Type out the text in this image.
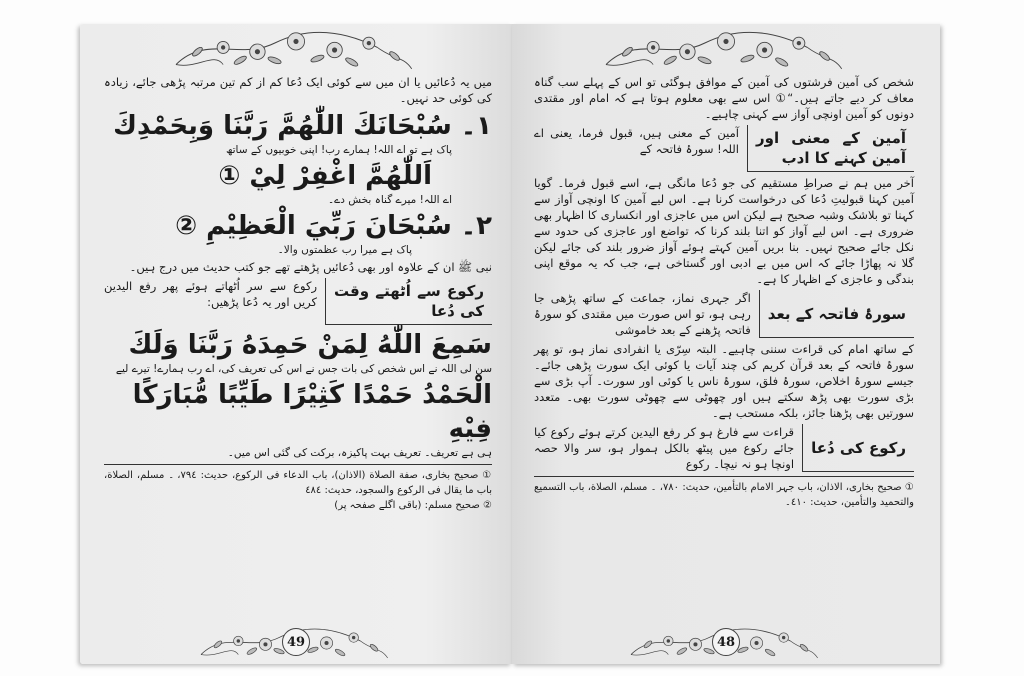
میں یہ دُعائیں یا ان میں سے کوئی ایک دُعا کم از کم تین مرتبہ پڑھی جائے، زیادہ کی کوئی حد نہیں۔

١۔ سُبْحَانَكَ اللّٰهُمَّ رَبَّنَا وَبِحَمْدِكَ
پاک ہے تو اے اللہ! ہمارے رب! اپنی خوبیوں کے ساتھ
اَللّٰهُمَّ اغْفِرْ لِيْ ①
اے اللہ! میرے گناہ بخش دے۔
٢۔ سُبْحَانَ رَبِّيَ الْعَظِيْمِ ②
پاک ہے میرا رب عظمتوں والا۔

نبی ﷺ ان کے علاوہ اور بھی دُعائیں پڑھتے تھے جو کتب حدیث میں درج ہیں۔

رکوع سے اُٹھتے وقت کی دُعا
رکوع سے سر اُٹھاتے ہوئے پھر رفع الیدین کریں اور یہ دُعا پڑھیں:
سَمِعَ اللّٰهُ لِمَنْ حَمِدَهُ رَبَّنَا وَلَكَ
سن لی اللہ نے اس شخص کی بات جس نے اس کی تعریف کی، اے رب ہمارے! تیرے لیے
الْحَمْدُ حَمْدًا كَثِيْرًا طَيِّبًا مُّبَارَكًا فِيْهِ
ہی ہے تعریف۔ تعریف بہت پاکیزہ، برکت کی گئی اس میں۔

① صحیح بخاری، صفة الصلاة (الاذان)، باب الدعاء فی الرکوع، حدیث: ٧٩٤، ۔ مسلم، الصلاة، باب ما یقال فی الرکوع والسجود، حدیث: ٤٨٤

② صحیح مسلم: (باقی اگلے صفحہ پر)

49

شخص کی آمین فرشتوں کی آمین کے موافق ہوگئی تو اس کے پہلے سب گناہ معاف کر دیے جاتے ہیں۔“① اس سے بھی معلوم ہوتا ہے کہ امام اور مقتدی دونوں کو آمین اونچی آواز سے کہنی چاہیے۔

آمین کے معنی اور آمین کہنے کا ادب
آمین کے معنی ہیں، قبول فرما، یعنی اے اللہ! سورۂ فاتحہ کے

آخر میں ہم نے صراطِ مستقیم کی جو دُعا مانگی ہے، اسے قبول فرما۔ گویا آمین کہنا قبولیتِ دُعا کی درخواست کرنا ہے۔ اس لیے آمین کا اونچی آواز سے کہنا تو بلاشک وشبہ صحیح ہے لیکن اس میں عاجزی اور انکساری کا اظہار بھی ضروری ہے۔ اس لیے آواز کو اتنا بلند کرنا کہ تواضع اور عاجزی کی حدود سے نکل جائے صحیح نہیں۔ بنا بریں آمین کہتے ہوئے آواز ضرور بلند کی جائے لیکن گلا نہ پھاڑا جائے کہ اس میں بے ادبی اور گستاخی ہے، جب کہ یہ موقع اپنی بندگی و عاجزی کے اظہار کا ہے۔

سورۂ فاتحہ کے بعد
اگر جہری نماز، جماعت کے ساتھ پڑھی جا رہی ہو، تو اس صورت میں مقتدی کو سورۂ فاتحہ پڑھنے کے بعد خاموشی

کے ساتھ امام کی قراءت سننی چاہیے۔ البتہ سِرّی یا انفرادی نماز ہو، تو پھر سورۂ فاتحہ کے بعد قرآن کریم کی چند آیات یا کوئی ایک سورت پڑھی جائے۔ جیسے سورۂ اخلاص، سورۂ فلق، سورۂ ناس یا کوئی اور سورت۔ آپ بڑی سے بڑی سورت بھی پڑھ سکتے ہیں اور چھوٹی سے چھوٹی سورت بھی۔ متعدد سورتیں بھی پڑھنا جائز، بلکہ مستحب ہے۔

رکوع کی دُعا
قراءت سے فارغ ہو کر رفع الیدین کرتے ہوئے رکوع کیا جائے رکوع میں پیٹھ بالکل ہموار ہو، سر والا حصہ اونچا ہو نہ نیچا۔ رکوع

① صحیح بخاری، الاذان، باب جہر الامام بالتأمین، حدیث: ٧٨٠، ۔ مسلم، الصلاة، باب التسمیع والتحمید والتأمین، حدیث: ٤١٠۔

48
